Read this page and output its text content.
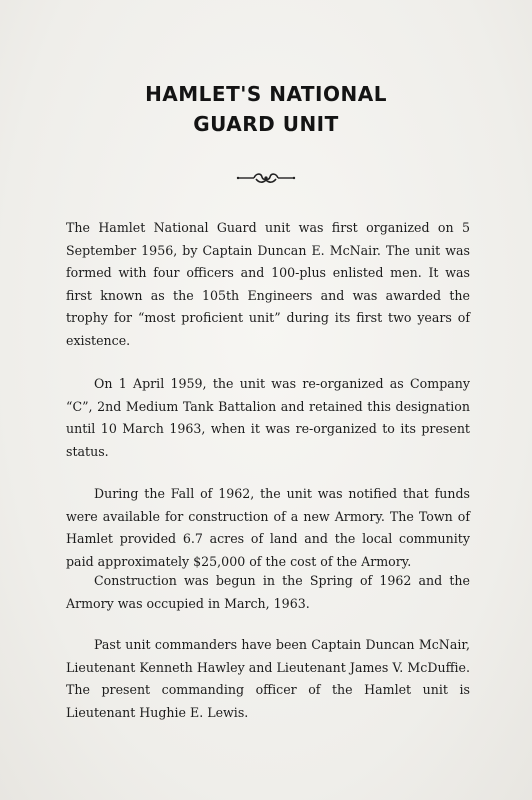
HAMLET'S NATIONAL
GUARD UNIT
The Hamlet National Guard unit was first organized on 5 September 1956, by Captain Duncan E. McNair. The unit was formed with four officers and 100-plus enlisted men. It was first known as the 105th Engineers and was awarded the trophy for “most proficient unit” during its first two years of existence.
On 1 April 1959, the unit was re-organized as Company “C”, 2nd Medium Tank Battalion and retained this designation until 10 March 1963, when it was re-organized to its present status.
During the Fall of 1962, the unit was notified that funds were available for construction of a new Armory. The Town of Hamlet provided 6.7 acres of land and the local community paid approximately $25,000 of the cost of the Armory.
Construction was begun in the Spring of 1962 and the Armory was occupied in March, 1963.
Past unit commanders have been Captain Duncan McNair, Lieutenant Kenneth Hawley and Lieutenant James V. McDuffie. The present commanding officer of the Hamlet unit is Lieutenant Hughie E. Lewis.
